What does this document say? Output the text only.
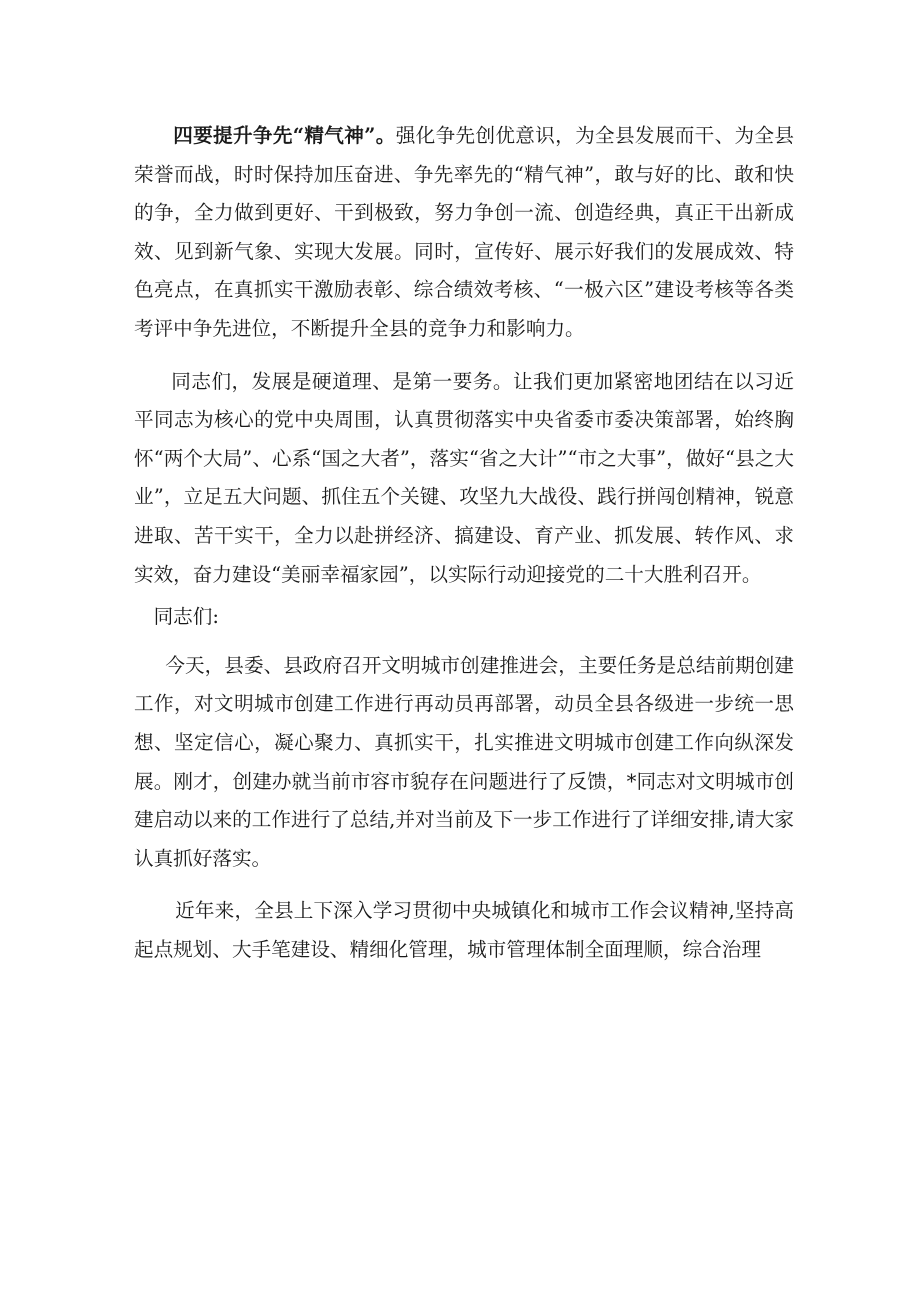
四要提升争先“精气神”。强化争先创优意识，为全县发展而干、为全县荣誉而战，时时保持加压奋进、争先率先的“精气神”，敢与好的比、敢和快的争，全力做到更好、干到极致，努力争创一流、创造经典，真正干出新成效、见到新气象、实现大发展。同时，宣传好、展示好我们的发展成效、特色亮点，在真抓实干激励表彰、综合绩效考核、“一极六区”建设考核等各类考评中争先进位，不断提升全县的竞争力和影响力。

同志们，发展是硬道理、是第一要务。让我们更加紧密地团结在以习近平同志为核心的党中央周围，认真贯彻落实中央省委市委决策部署，始终胸怀“两个大局”、心系“国之大者”，落实“省之大计”“市之大事”，做好“县之大业”，立足五大问题、抓住五个关键、攻坚九大战役、践行拼闯创精神，锐意进取、苦干实干，全力以赴拼经济、搞建设、育产业、抓发展、转作风、求实效，奋力建设“美丽幸福家园”，以实际行动迎接党的二十大胜利召开。

同志们:

今天，县委、县政府召开文明城市创建推进会，主要任务是总结前期创建工作，对文明城市创建工作进行再动员再部署，动员全县各级进一步统一思想、坚定信心，凝心聚力、真抓实干，扎实推进文明城市创建工作向纵深发展。刚才，创建办就当前市容市貌存在问题进行了反馈，*同志对文明城市创建启动以来的工作进行了总结,并对当前及下一步工作进行了详细安排,请大家认真抓好落实。

近年来，全县上下深入学习贯彻中央城镇化和城市工作会议精神,坚持高起点规划、大手笔建设、精细化管理，城市管理体制全面理顺，综合治理
